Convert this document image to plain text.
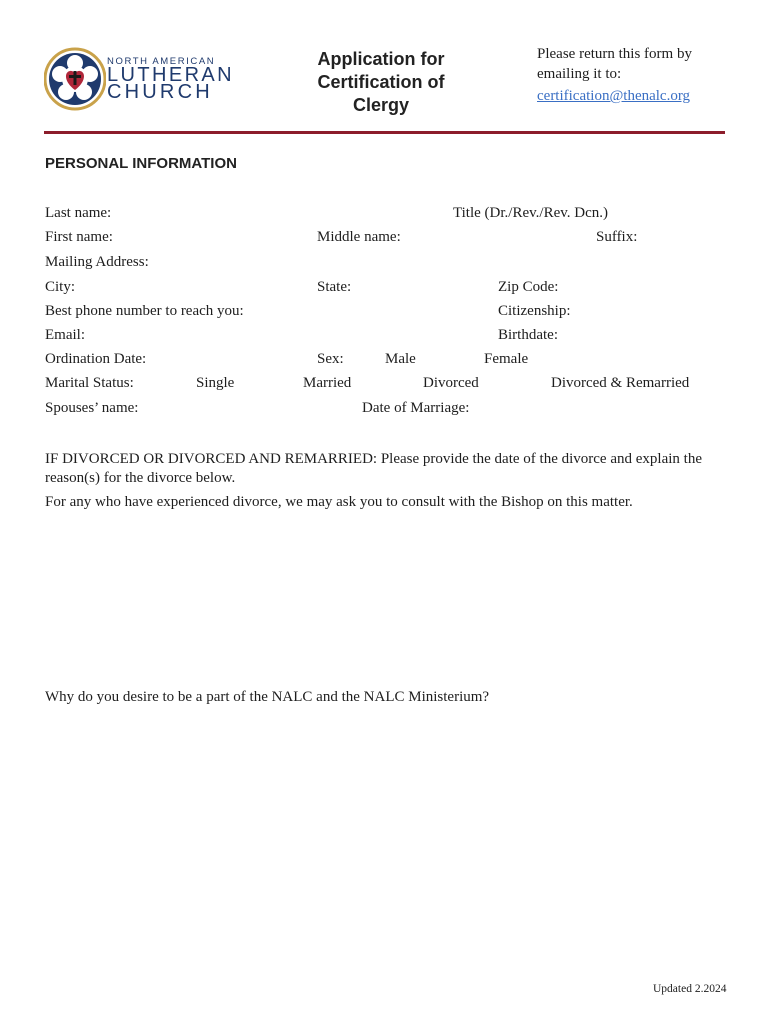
NORTH AMERICAN
LUTHERAN
CHURCH
Application for Certification of Clergy
Please return this form by emailing it to:
certification@thenalc.org
PERSONAL INFORMATION
Last name:	Title (Dr./Rev./Rev. Dcn.)
First name:	Middle name:	Suffix:
Mailing Address:
City:	State:	Zip Code:
Best phone number to reach you:	Citizenship:
Email:	Birthdate:
Ordination Date:	Sex:	Male	Female
Marital Status:	Single	Married	Divorced	Divorced & Remarried
Spouses’ name:	Date of Marriage:
IF DIVORCED OR DIVORCED AND REMARRIED: Please provide the date of the divorce and explain the reason(s) for the divorce below.
For any who have experienced divorce, we may ask you to consult with the Bishop on this matter.
Why do you desire to be a part of the NALC and the NALC Ministerium?
Updated 2.2024
